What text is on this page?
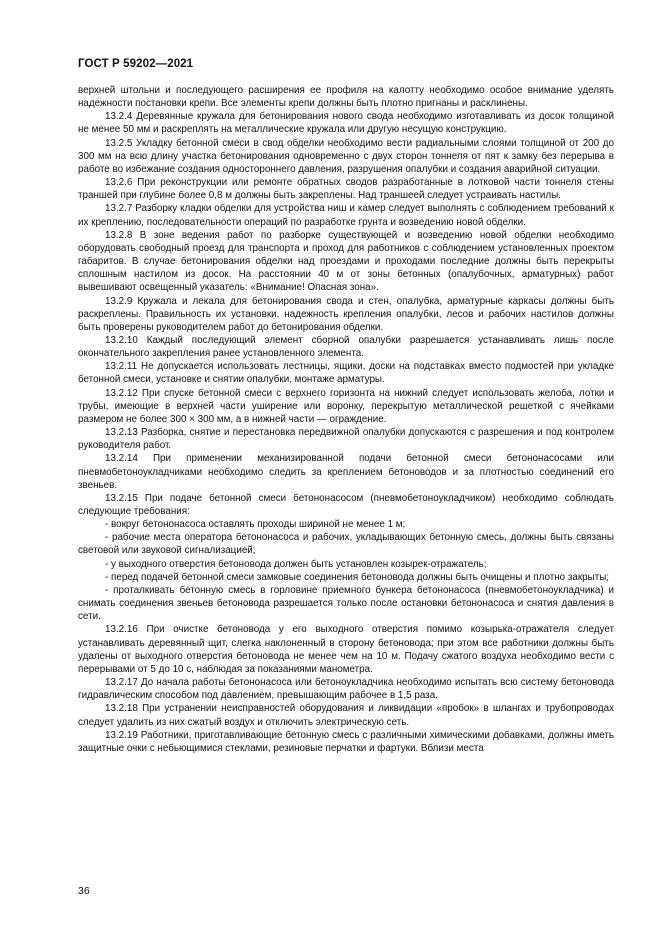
ГОСТ Р 59202—2021

верхней штольни и последующего расширения ее профиля на калотту необходимо особое внимание уделять надежности постановки крепи. Все элементы крепи должны быть плотно пригнаны и расклинены.

13.2.4 Деревянные кружала для бетонирования нового свода необходимо изготавливать из досок толщиной не менее 50 мм и раскреплять на металлические кружала или другую несущую конструкцию.

13.2.5 Укладку бетонной смеси в свод обделки необходимо вести радиальными слоями толщиной от 200 до 300 мм на всю длину участка бетонирования одновременно с двух сторон тоннеля от пят к замку без перерыва в работе во избежание создания одностороннего давления, разрушения опалубки и создания аварийной ситуации.

13.2.6 При реконструкции или ремонте обратных сводов разработанные в лотковой части тоннеля стены траншей при глубине более 0,8 м должны быть закреплены. Над траншеей следует устраивать настилы.

13.2.7 Разборку кладки обделки для устройства ниш и камер следует выполнять с соблюдением требований к их креплению, последовательности операций по разработке грунта и возведению новой обделки.

13.2.8 В зоне ведения работ по разборке существующей и возведению новой обделки необходимо оборудовать свободный проезд для транспорта и проход для работников с соблюдением установленных проектом габаритов. В случае бетонирования обделки над проездами и проходами последние должны быть перекрыты сплошным настилом из досок. На расстоянии 40 м от зоны бетонных (опалубочных, арматурных) работ вывешивают освещенный указатель: «Внимание! Опасная зона».

13.2.9 Кружала и лекала для бетонирования свода и стен, опалубка, арматурные каркасы должны быть раскреплены. Правильность их установки, надежность крепления опалубки, лесов и рабочих настилов должны быть проверены руководителем работ до бетонирования обделки.

13.2.10 Каждый последующий элемент сборной опалубки разрешается устанавливать лишь после окончательного закрепления ранее установленного элемента.

13.2.11 Не допускается использовать лестницы, ящики, доски на подставках вместо подмостей при укладке бетонной смеси, установке и снятии опалубки, монтаже арматуры.

13.2.12 При спуске бетонной смеси с верхнего горизонта на нижний следует использовать желоба, лотки и трубы, имеющие в верхней части уширение или воронку, перекрытую металлической решеткой с ячейками размером не более 300 × 300 мм, а в нижней части — ограждение.

13.2.13 Разборка, снятие и перестановка передвижной опалубки допускаются с разрешения и под контролем руководителя работ.

13.2.14 При применении механизированной подачи бетонной смеси бетононасосами или пневмобетоноукладчиками необходимо следить за креплением бетоноводов и за плотностью соединений его звеньев.

13.2.15 При подаче бетонной смеси бетононасосом (пневмобетоноукладчиком) необходимо соблюдать следующие требования:

- вокруг бетононасоса оставлять проходы шириной не менее 1 м;

- рабочие места оператора бетононасоса и рабочих, укладывающих бетонную смесь, должны быть связаны световой или звуковой сигнализацией;

- у выходного отверстия бетоновода должен быть установлен козырек-отражатель;

- перед подачей бетонной смеси замковые соединения бетоновода должны быть очищены и плотно закрыты;

- проталкивать бетонную смесь в горловине приемного бункера бетононасоса (пневмобетоноукладчика) и снимать соединения звеньев бетоновода разрешается только после остановки бетононасоса и снятия давления в сети.

13.2.16 При очистке бетоновода у его выходного отверстия помимо козырька-отражателя следует устанавливать деревянный щит, слегка наклоненный в сторону бетоновода; при этом все работники должны быть удалены от выходного отверстия бетоновода не менее чем на 10 м. Подачу сжатого воздуха необходимо вести с перерывами от 5 до 10 с, наблюдая за показаниями манометра.

13.2.17 До начала работы бетононасоса или бетоноукладчика необходимо испытать всю систему бетоновода гидравлическим способом под давлением, превышающим рабочее в 1,5 раза.

13.2.18 При устранении неисправностей оборудования и ликвидации «пробок» в шлангах и трубопроводах следует удалить из них сжатый воздух и отключить электрическую сеть.

13.2.19 Работники, приготавливающие бетонную смесь с различными химическими добавками, должны иметь защитные очки с небьющимися стеклами, резиновые перчатки и фартуки. Вблизи места

36
